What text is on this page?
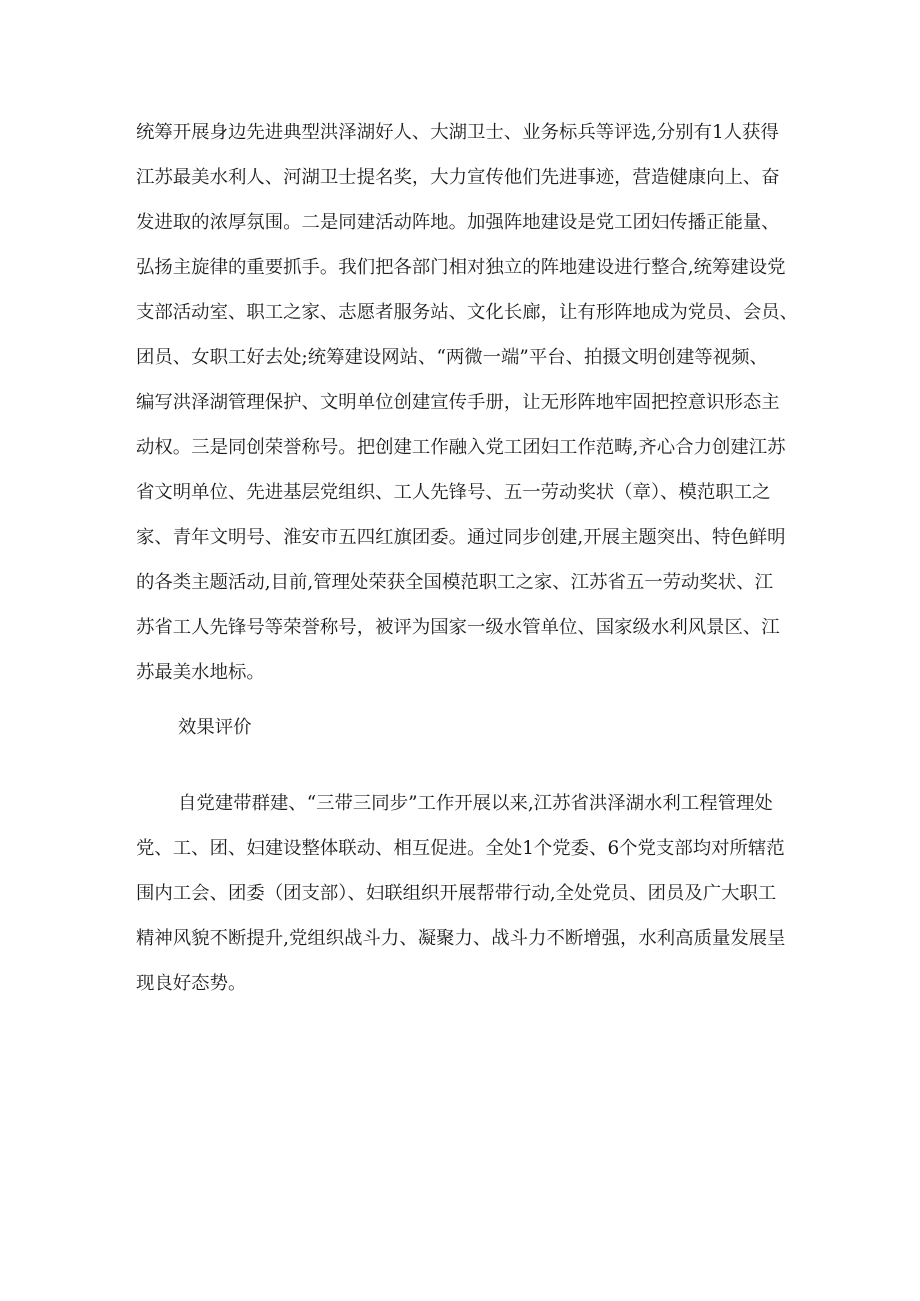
统筹开展身边先进典型洪泽湖好人、大湖卫士、业务标兵等评选,分别有1人获得

江苏最美水利人、河湖卫士提名奖，大力宣传他们先进事迹，营造健康向上、奋

发进取的浓厚氛围。二是同建活动阵地。加强阵地建设是党工团妇传播正能量、

弘扬主旋律的重要抓手。我们把各部门相对独立的阵地建设进行整合,统筹建设党

支部活动室、职工之家、志愿者服务站、文化长廊，让有形阵地成为党员、会员、

团员、女职工好去处;统筹建设网站、“两微一端”平台、拍摄文明创建等视频、

编写洪泽湖管理保护、文明单位创建宣传手册，让无形阵地牢固把控意识形态主

动权。三是同创荣誉称号。把创建工作融入党工团妇工作范畴,齐心合力创建江苏

省文明单位、先进基层党组织、工人先锋号、五一劳动奖状（章）、模范职工之

家、青年文明号、淮安市五四红旗团委。通过同步创建,开展主题突出、特色鲜明

的各类主题活动,目前,管理处荣获全国模范职工之家、江苏省五一劳动奖状、江

苏省工人先锋号等荣誉称号，被评为国家一级水管单位、国家级水利风景区、江

苏最美水地标。

效果评价

自党建带群建、“三带三同步”工作开展以来,江苏省洪泽湖水利工程管理处

党、工、团、妇建设整体联动、相互促进。全处1个党委、6个党支部均对所辖范

围内工会、团委（团支部）、妇联组织开展帮带行动,全处党员、团员及广大职工

精神风貌不断提升,党组织战斗力、凝聚力、战斗力不断增强，水利高质量发展呈

现良好态势。
